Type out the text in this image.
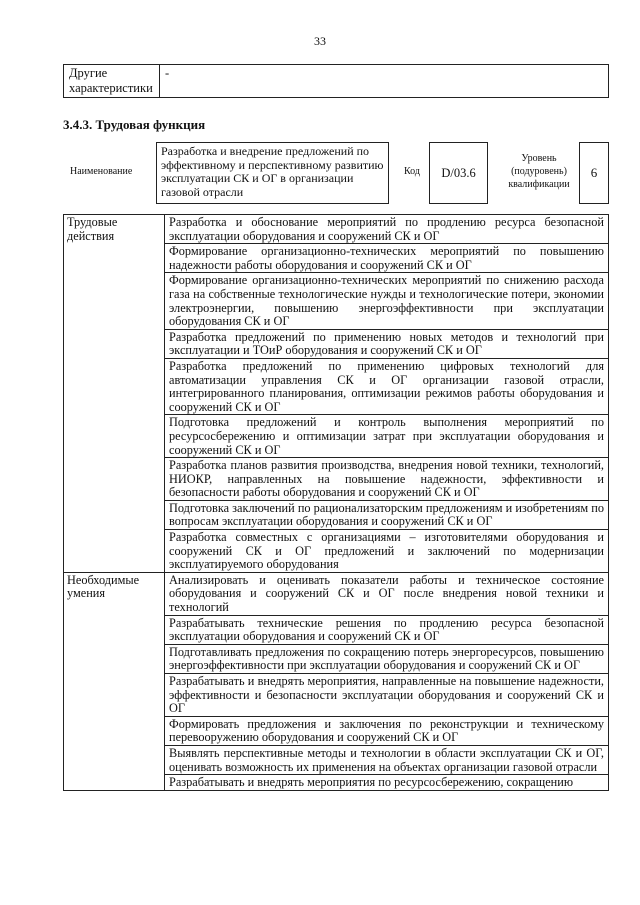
33
Другие характеристики	-
3.4.3. Трудовая функция
Наименование
Разработка и внедрение предложений по эффективному и перспективному развитию эксплуатации СК и ОГ в организации газовой отрасли
Код	D/03.6
Уровень (подуровень) квалификации
6
Трудовые действия	Разработка и обоснование мероприятий по продлению ресурса безопасной эксплуатации оборудования и сооружений СК и ОГ
	Формирование организационно-технических мероприятий по повышению надежности работы оборудования и сооружений СК и ОГ
	Формирование организационно-технических мероприятий по снижению расхода газа на собственные технологические нужды и технологические потери, экономии электроэнергии, повышению энергоэффективности при эксплуатации оборудования СК и ОГ
	Разработка предложений по применению новых методов и технологий при эксплуатации и ТОиР оборудования и сооружений СК и ОГ
	Разработка предложений по применению цифровых технологий для автоматизации управления СК и ОГ организации газовой отрасли, интегрированного планирования, оптимизации режимов работы оборудования и сооружений СК и ОГ
	Подготовка предложений и контроль выполнения мероприятий по ресурсосбережению и оптимизации затрат при эксплуатации оборудования и сооружений СК и ОГ
	Разработка планов развития производства, внедрения новой техники, технологий, НИОКР, направленных на повышение надежности, эффективности и безопасности работы оборудования и сооружений СК и ОГ
	Подготовка заключений по рационализаторским предложениям и изобретениям по вопросам эксплуатации оборудования и сооружений СК и ОГ
	Разработка совместных с организациями – изготовителями оборудования и сооружений СК и ОГ предложений и заключений по модернизации эксплуатируемого оборудования
Необходимые умения	Анализировать и оценивать показатели работы и техническое состояние оборудования и сооружений СК и ОГ после внедрения новой техники и технологий
	Разрабатывать технические решения по продлению ресурса безопасной эксплуатации оборудования и сооружений СК и ОГ
	Подготавливать предложения по сокращению потерь энергоресурсов, повышению энергоэффективности при эксплуатации оборудования и сооружений СК и ОГ
	Разрабатывать и внедрять мероприятия, направленные на повышение надежности, эффективности и безопасности эксплуатации оборудования и сооружений СК и ОГ
	Формировать предложения и заключения по реконструкции и техническому перевооружению оборудования и сооружений СК и ОГ
	Выявлять перспективные методы и технологии в области эксплуатации СК и ОГ, оценивать возможность их применения на объектах организации газовой отрасли
	Разрабатывать и внедрять мероприятия по ресурсосбережению, сокращению
